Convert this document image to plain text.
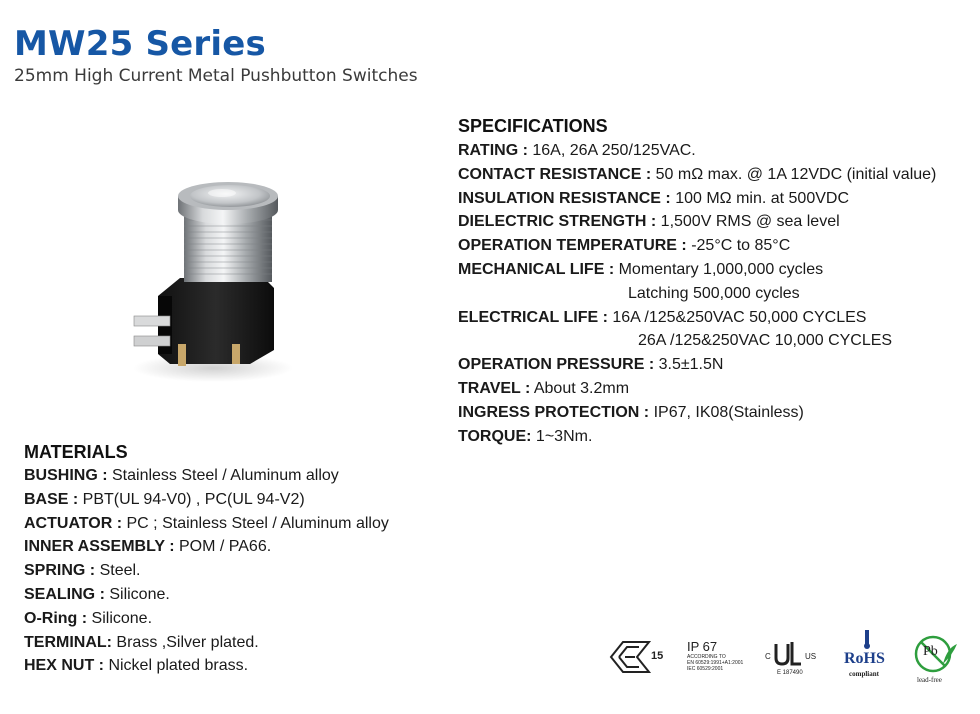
MW25 Series
25mm High Current Metal Pushbutton Switches
SPECIFICATIONS
RATING : 16A, 26A 250/125VAC.
CONTACT RESISTANCE : 50 mΩ max. @ 1A 12VDC (initial value)
INSULATION RESISTANCE : 100 MΩ min. at 500VDC
DIELECTRIC STRENGTH : 1,500V RMS @ sea level
OPERATION TEMPERATURE : -25°C to 85°C
MECHANICAL LIFE : Momentary 1,000,000 cycles
Latching 500,000 cycles
ELECTRICAL LIFE : 16A /125&250VAC 50,000 CYCLES
26A /125&250VAC 10,000 CYCLES
OPERATION PRESSURE : 3.5±1.5N
TRAVEL : About 3.2mm
INGRESS PROTECTION : IP67, IK08(Stainless)
TORQUE: 1~3Nm.
MATERIALS
BUSHING : Stainless Steel / Aluminum alloy
BASE : PBT(UL 94-V0) , PC(UL 94-V2)
ACTUATOR : PC ; Stainless Steel / Aluminum alloy
INNER ASSEMBLY : POM / PA66.
SPRING : Steel.
SEALING : Silicone.
O-Ring : Silicone.
TERMINAL: Brass ,Silver plated.
HEX NUT : Nickel plated brass.
15
IP 67
ACCORDING TO
EN 60529:1991+A1:2001
IEC 60529:2001
C	US
E 187490
RoHS
compliant
Pb
lead-free
